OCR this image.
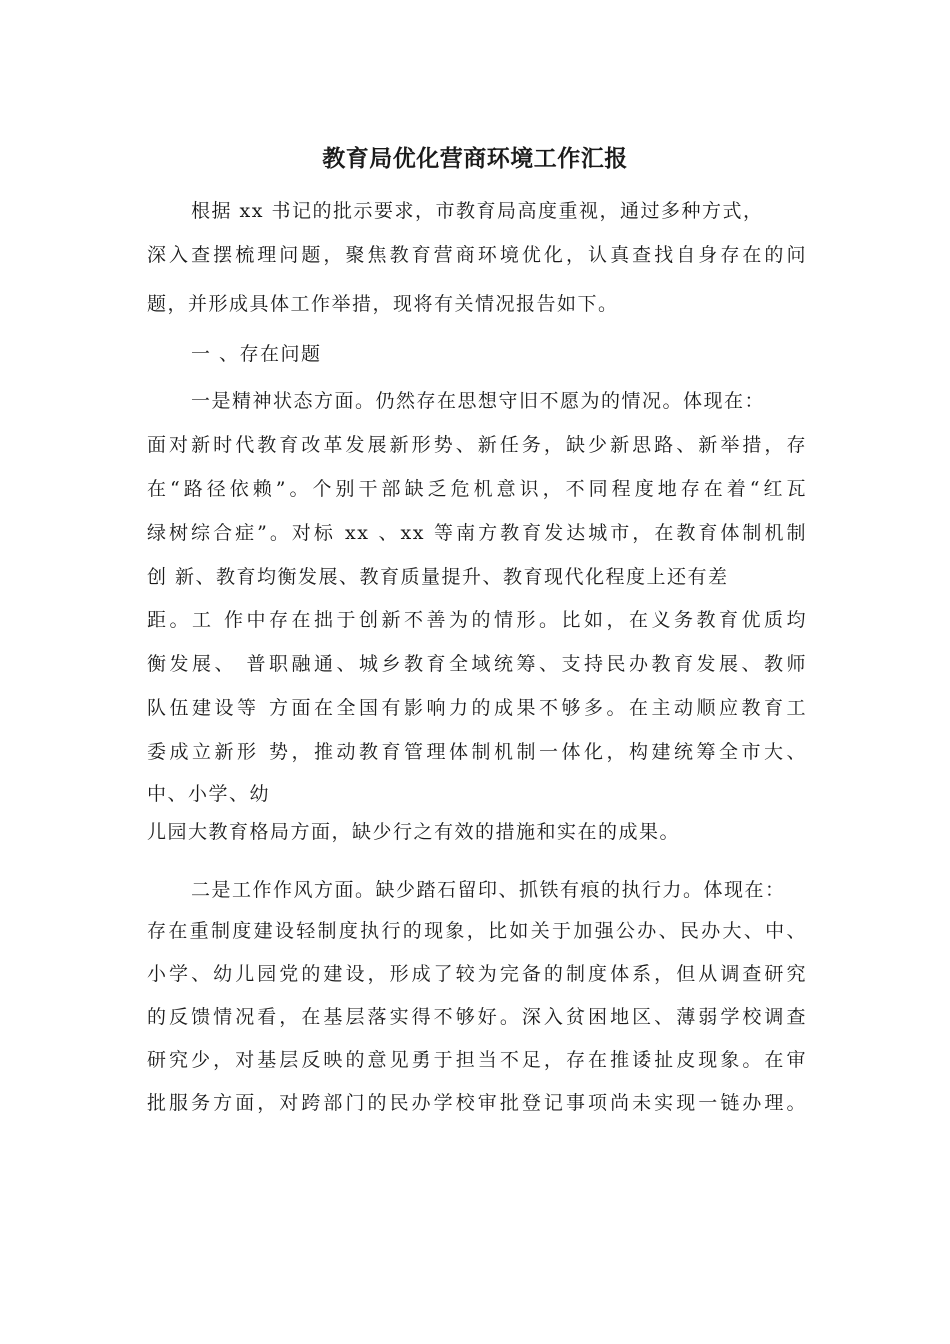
教育局优化营商环境工作汇报
根据 xx 书记的批示要求，市教育局高度重视，通过多种方式，
深入查摆梳理问题，聚焦教育营商环境优化，认真查找自身存在的问
题，并形成具体工作举措，现将有关情况报告如下。
一 、存在问题
一是精神状态方面。仍然存在思想守旧不愿为的情况。体现在：
面对新时代教育改革发展新形势、新任务，缺少新思路、新举措，存
在“路径依赖”。个别干部缺乏危机意识，不同程度地存在着“红瓦
绿树综合症”。对标 xx 、xx 等南方教育发达城市，在教育体制机制
创 新、教育均衡发展、教育质量提升、教育现代化程度上还有差
距。工 作中存在拙于创新不善为的情形。比如，在义务教育优质均
衡发展、 普职融通、城乡教育全域统筹、支持民办教育发展、教师
队伍建设等 方面在全国有影响力的成果不够多。在主动顺应教育工
委成立新形 势，推动教育管理体制机制一体化，构建统筹全市大、
中、小学、幼
儿园大教育格局方面，缺少行之有效的措施和实在的成果。
二是工作作风方面。缺少踏石留印、抓铁有痕的执行力。体现在：
存在重制度建设轻制度执行的现象，比如关于加强公办、民办大、中、
小学、幼儿园党的建设，形成了较为完备的制度体系，但从调查研究
的反馈情况看，在基层落实得不够好。深入贫困地区、薄弱学校调查
研究少，对基层反映的意见勇于担当不足，存在推诿扯皮现象。在审
批服务方面，对跨部门的民办学校审批登记事项尚未实现一链办理。
